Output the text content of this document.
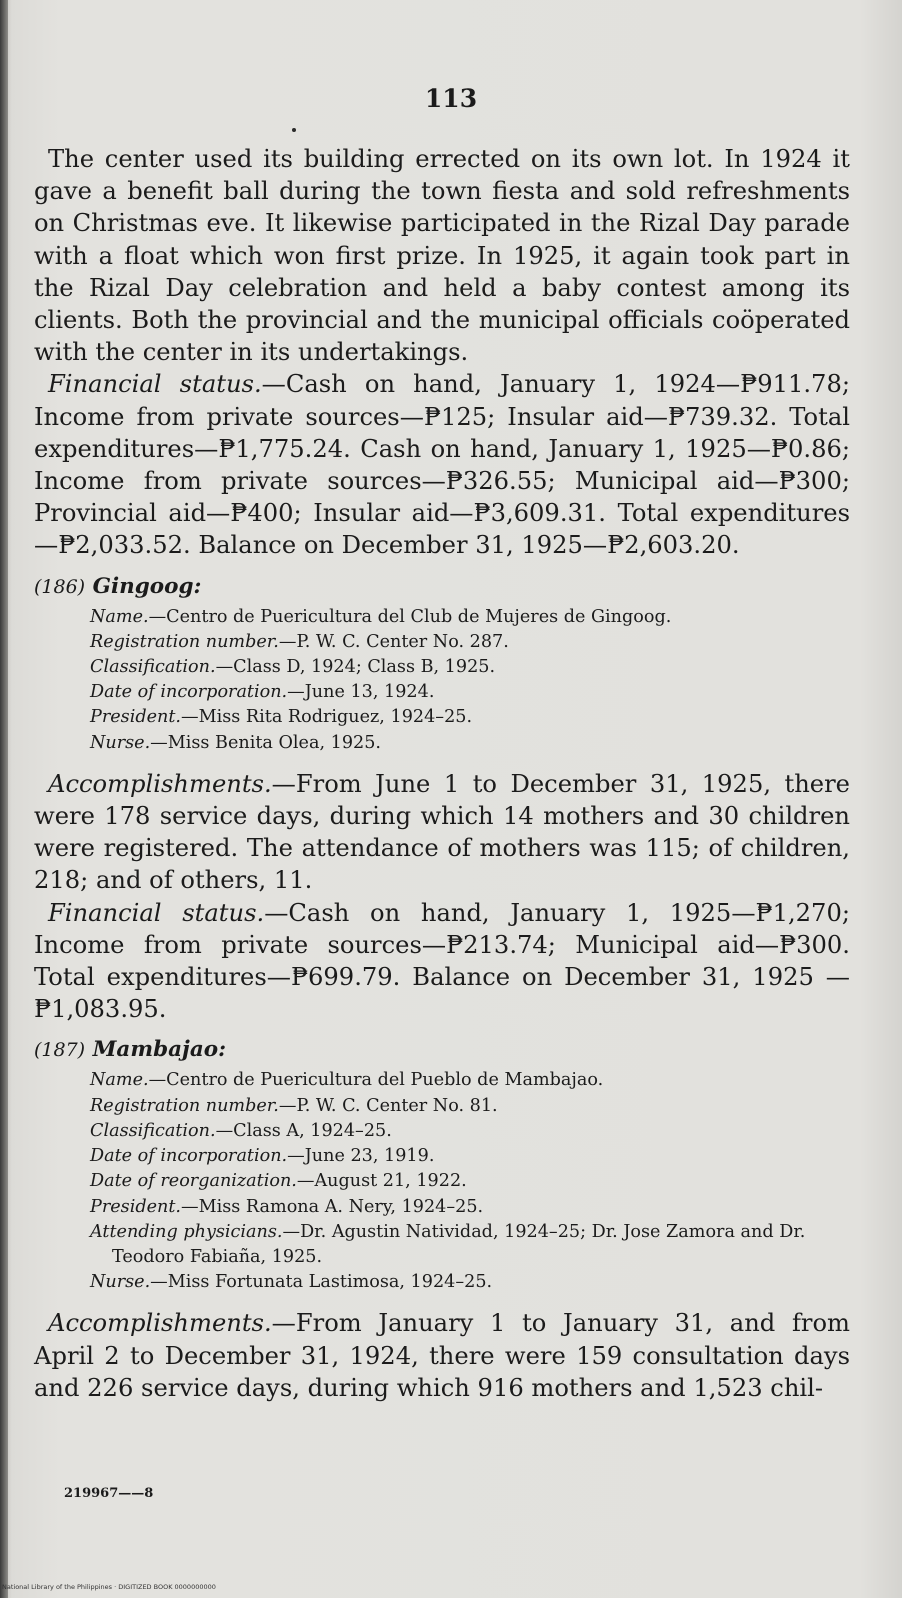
113

The center used its building errected on its own lot. In 1924 it gave a benefit ball during the town fiesta and sold refreshments on Christmas eve. It likewise participated in the Rizal Day parade with a float which won first prize. In 1925, it again took part in the Rizal Day celebration and held a baby contest among its clients. Both the provincial and the municipal officials coöperated with the center in its undertakings.

Financial status.—Cash on hand, January 1, 1924—₱911.78; Income from private sources—₱125; Insular aid—₱739.32. Total expenditures—₱1,775.24. Cash on hand, January 1, 1925—₱0.86; Income from private sources—₱326.55; Municipal aid—₱300; Provincial aid—₱400; Insular aid—₱3,609.31. Total expenditures—₱2,033.52. Balance on December 31, 1925—₱2,603.20.

(186) Gingoog:

Name.—Centro de Puericultura del Club de Mujeres de Gingoog.

Registration number.—P. W. C. Center No. 287.

Classification.—Class D, 1924; Class B, 1925.

Date of incorporation.—June 13, 1924.

President.—Miss Rita Rodriguez, 1924–25.

Nurse.—Miss Benita Olea, 1925.

Accomplishments.—From June 1 to December 31, 1925, there were 178 service days, during which 14 mothers and 30 children were registered. The attendance of mothers was 115; of children, 218; and of others, 11.

Financial status.—Cash on hand, January 1, 1925—₱1,270; Income from private sources—₱213.74; Municipal aid—₱300. Total expenditures—₱699.79. Balance on December 31, 1925 —₱1,083.95.

(187) Mambajao:

Name.—Centro de Puericultura del Pueblo de Mambajao.

Registration number.—P. W. C. Center No. 81.

Classification.—Class A, 1924–25.

Date of incorporation.—June 23, 1919.

Date of reorganization.—August 21, 1922.

President.—Miss Ramona A. Nery, 1924–25.

Attending physicians.—Dr. Agustin Natividad, 1924–25; Dr. Jose Zamora and Dr. Teodoro Fabiaña, 1925.

Nurse.—Miss Fortunata Lastimosa, 1924–25.

Accomplishments.—From January 1 to January 31, and from April 2 to December 31, 1924, there were 159 consultation days and 226 service days, during which 916 mothers and 1,523 chil-

219967——8
National Library of the Philippines · DIGITIZED BOOK 0000000000
